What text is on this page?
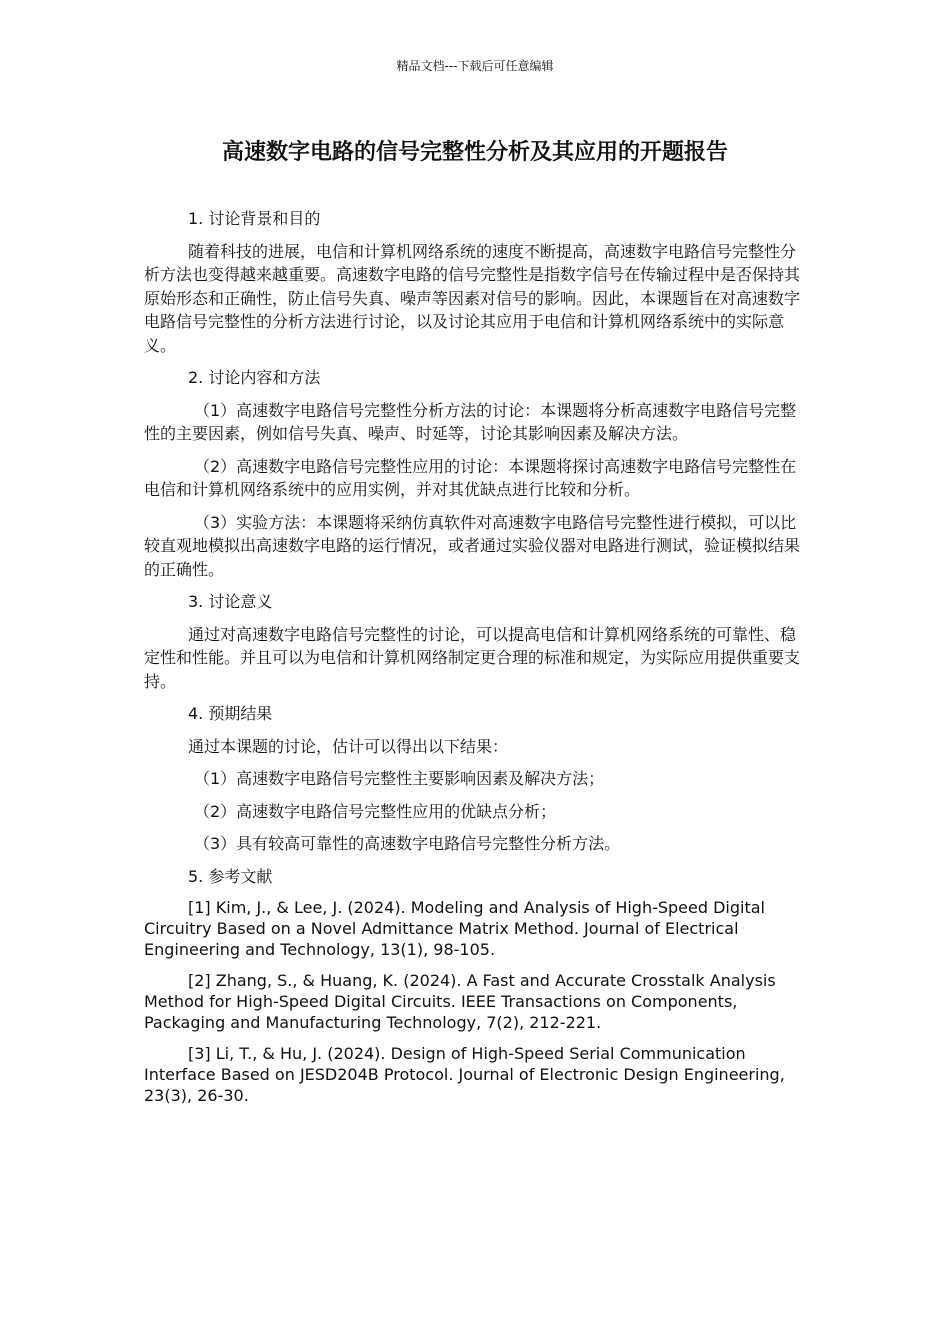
精品文档---下载后可任意编辑
高速数字电路的信号完整性分析及其应用的开题报告

1. 讨论背景和目的

随着科技的进展，电信和计算机网络系统的速度不断提高，高速数字电路信号完整性分析方法也变得越来越重要。高速数字电路的信号完整性是指数字信号在传输过程中是否保持其原始形态和正确性，防止信号失真、噪声等因素对信号的影响。因此，本课题旨在对高速数字电路信号完整性的分析方法进行讨论，以及讨论其应用于电信和计算机网络系统中的实际意义。

2. 讨论内容和方法

（1）高速数字电路信号完整性分析方法的讨论：本课题将分析高速数字电路信号完整性的主要因素，例如信号失真、噪声、时延等，讨论其影响因素及解决方法。

（2）高速数字电路信号完整性应用的讨论：本课题将探讨高速数字电路信号完整性在电信和计算机网络系统中的应用实例，并对其优缺点进行比较和分析。

（3）实验方法：本课题将采纳仿真软件对高速数字电路信号完整性进行模拟，可以比较直观地模拟出高速数字电路的运行情况，或者通过实验仪器对电路进行测试，验证模拟结果的正确性。

3. 讨论意义

通过对高速数字电路信号完整性的讨论，可以提高电信和计算机网络系统的可靠性、稳定性和性能。并且可以为电信和计算机网络制定更合理的标准和规定，为实际应用提供重要支持。

4. 预期结果

通过本课题的讨论，估计可以得出以下结果：

（1）高速数字电路信号完整性主要影响因素及解决方法；

（2）高速数字电路信号完整性应用的优缺点分析；

（3）具有较高可靠性的高速数字电路信号完整性分析方法。

5. 参考文献

[1] Kim, J., & Lee, J. (2024). Modeling and Analysis of High-Speed Digital Circuitry Based on a Novel Admittance Matrix Method. Journal of Electrical Engineering and Technology, 13(1), 98-105.

[2] Zhang, S., & Huang, K. (2024). A Fast and Accurate Crosstalk Analysis Method for High-Speed Digital Circuits. IEEE Transactions on Components, Packaging and Manufacturing Technology, 7(2), 212-221.

[3] Li, T., & Hu, J. (2024). Design of High-Speed Serial Communication Interface Based on JESD204B Protocol. Journal of Electronic Design Engineering, 23(3), 26-30.
